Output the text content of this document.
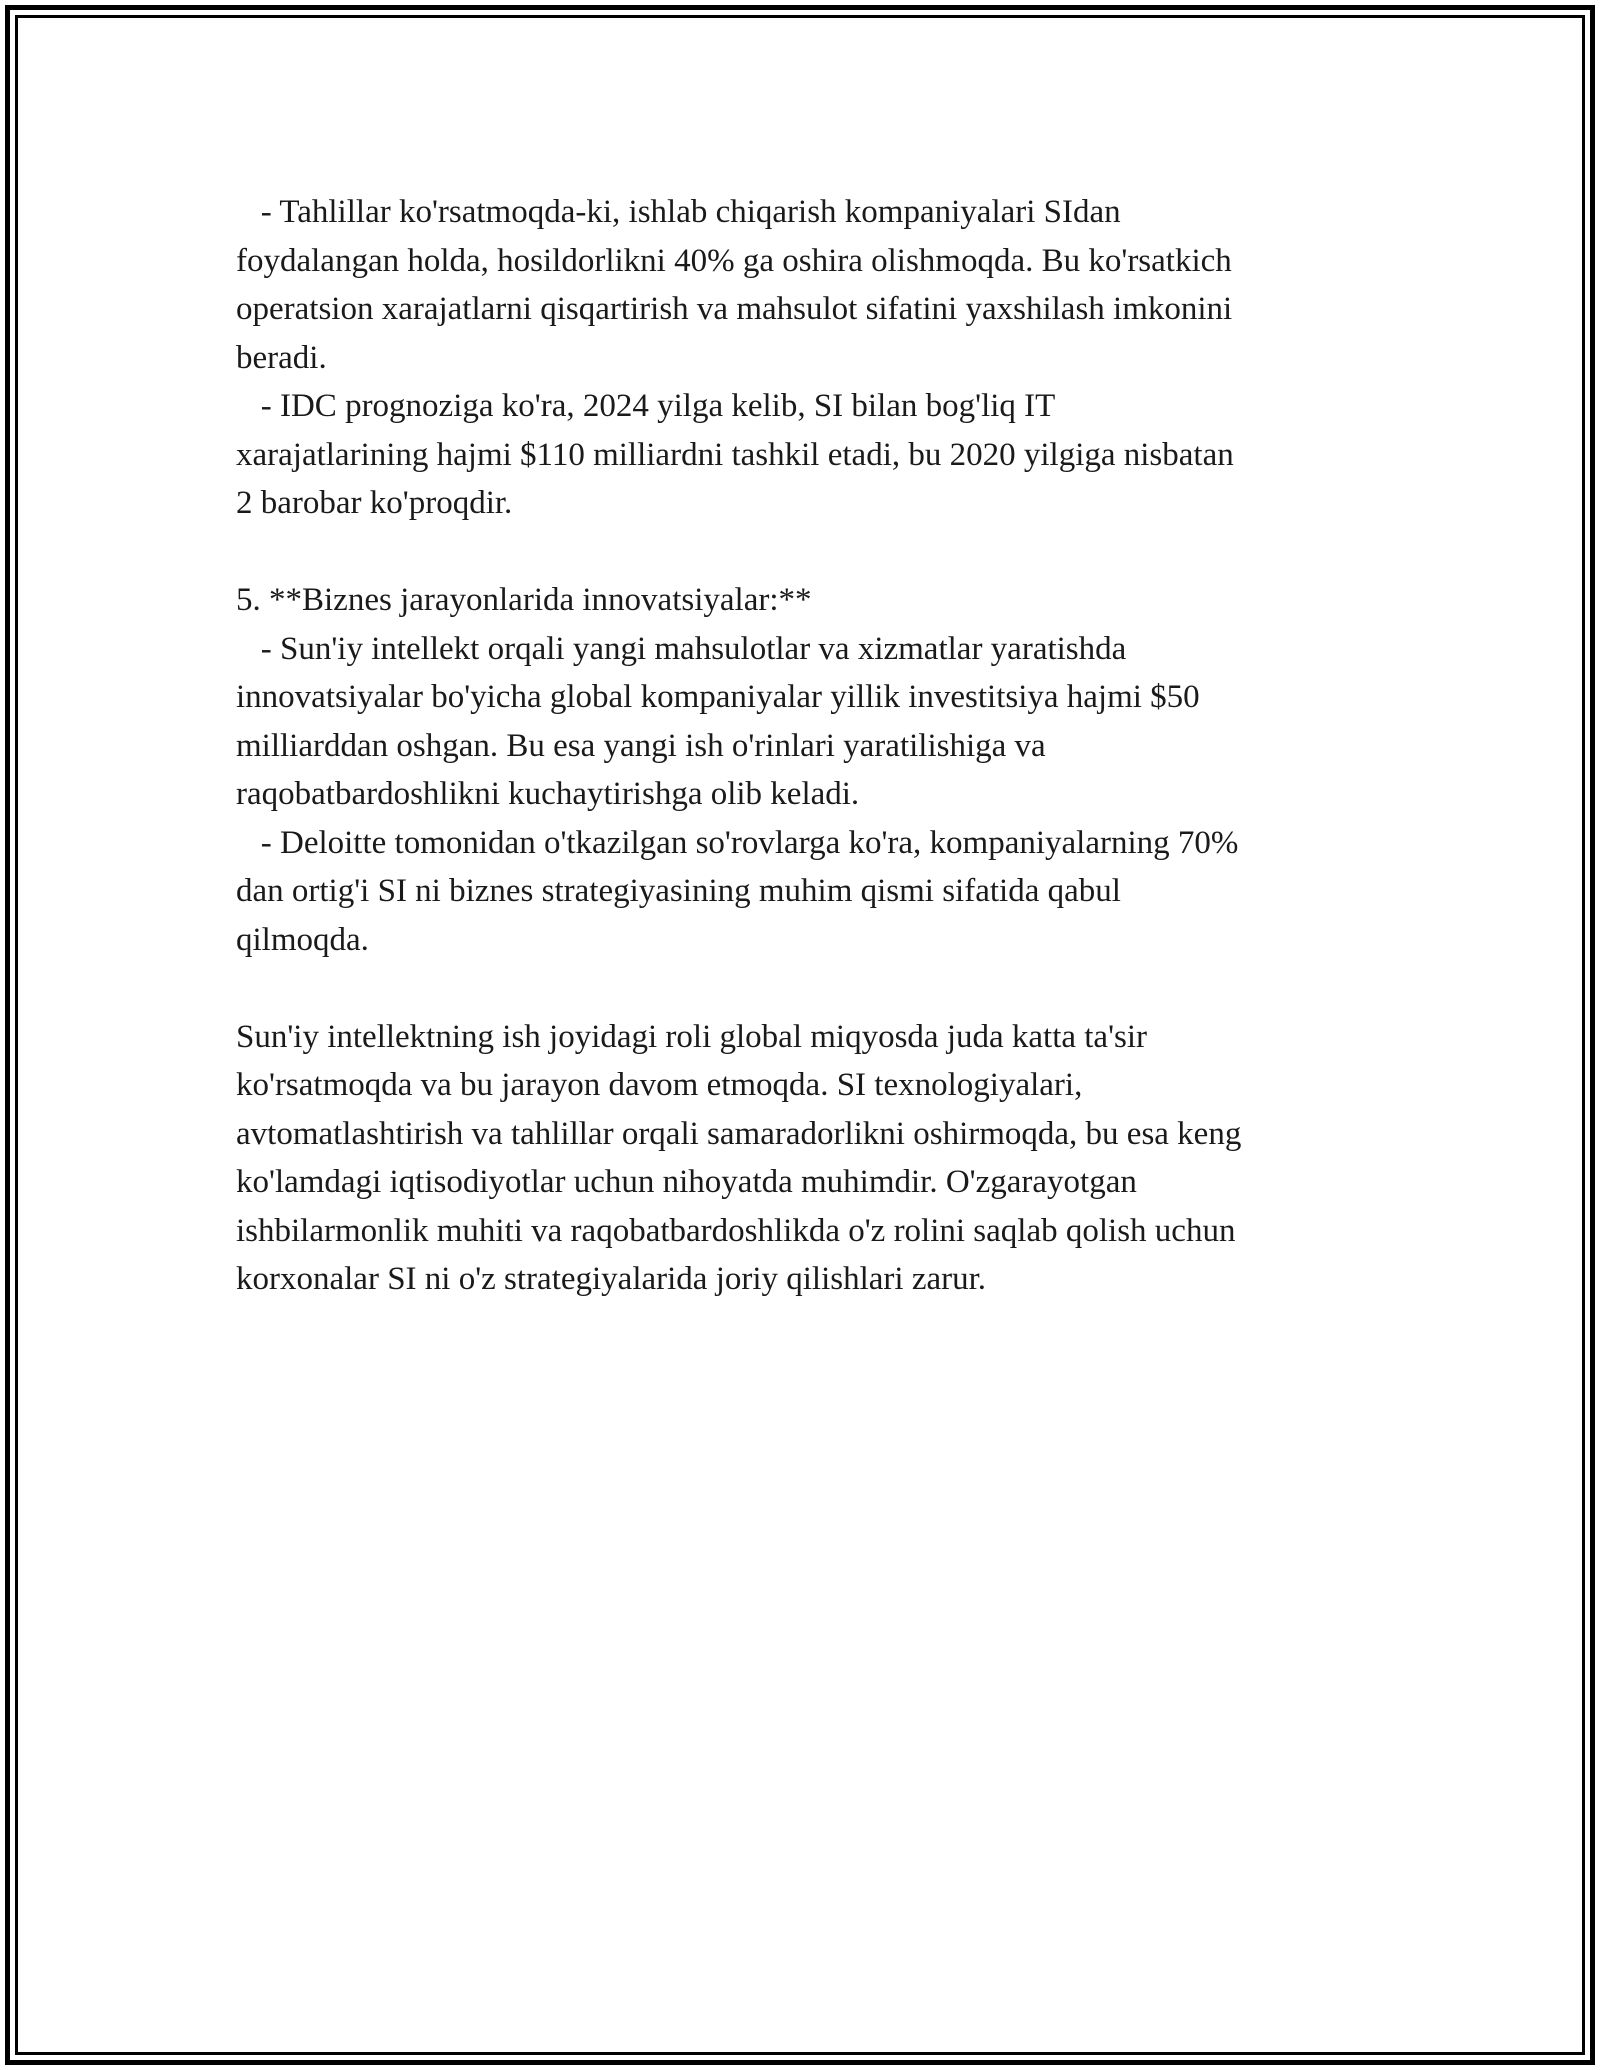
- Tahlillar ko'rsatmoqda-ki, ishlab chiqarish kompaniyalari SIdan
foydalangan holda, hosildorlikni 40% ga oshira olishmoqda. Bu ko'rsatkich
operatsion xarajatlarni qisqartirish va mahsulot sifatini yaxshilash imkonini
beradi.
- IDC prognoziga ko'ra, 2024 yilga kelib, SI bilan bog'liq IT
xarajatlarining hajmi $110 milliardni tashkil etadi, bu 2020 yilgiga nisbatan
2 barobar ko'proqdir.
5. **Biznes jarayonlarida innovatsiyalar:**
- Sun'iy intellekt orqali yangi mahsulotlar va xizmatlar yaratishda
innovatsiyalar bo'yicha global kompaniyalar yillik investitsiya hajmi $50
milliarddan oshgan. Bu esa yangi ish o'rinlari yaratilishiga va
raqobatbardoshlikni kuchaytirishga olib keladi.
- Deloitte tomonidan o'tkazilgan so'rovlarga ko'ra, kompaniyalarning 70%
dan ortig'i SI ni biznes strategiyasining muhim qismi sifatida qabul
qilmoqda.
Sun'iy intellektning ish joyidagi roli global miqyosda juda katta ta'sir
ko'rsatmoqda va bu jarayon davom etmoqda. SI texnologiyalari,
avtomatlashtirish va tahlillar orqali samaradorlikni oshirmoqda, bu esa keng
ko'lamdagi iqtisodiyotlar uchun nihoyatda muhimdir. O'zgarayotgan
ishbilarmonlik muhiti va raqobatbardoshlikda o'z rolini saqlab qolish uchun
korxonalar SI ni o'z strategiyalarida joriy qilishlari zarur.
